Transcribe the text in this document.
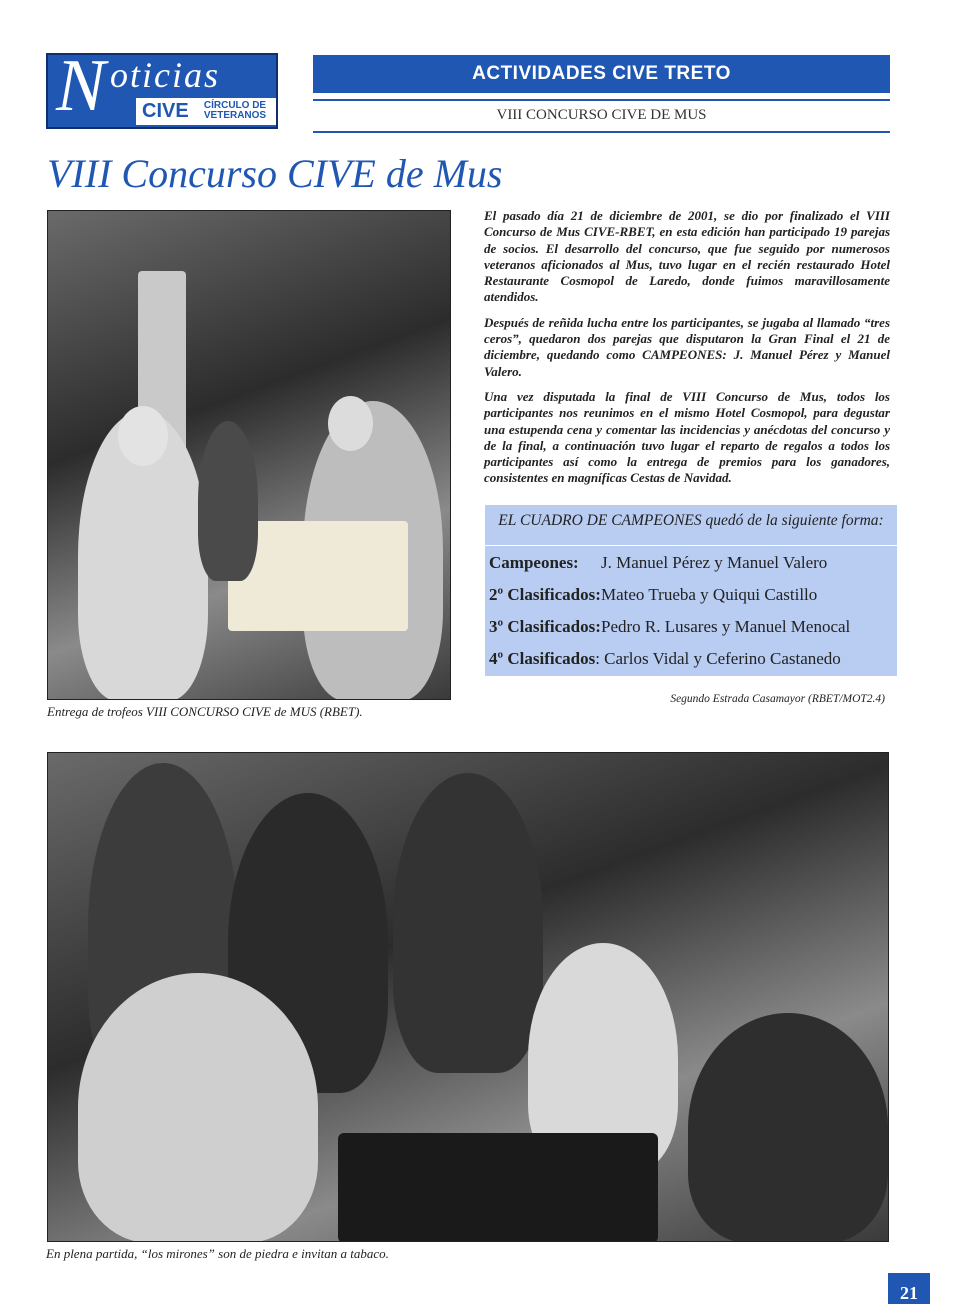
N oticias
CIVE	CÍRCULO DE VETERANOS
ACTIVIDADES CIVE TRETO
VIII CONCURSO CIVE DE MUS
VIII Concurso CIVE de Mus
Entrega de trofeos VIII CONCURSO CIVE de MUS (RBET).

El pasado día 21 de diciembre de 2001, se dio por finalizado el VIII Concurso de Mus CIVE-RBET, en esta edición han participado 19 parejas de socios. El desarrollo del concurso, que fue seguido por numerosos veteranos aficionados al Mus, tuvo lugar en el recién restaurado Hotel Restaurante Cosmopol de Laredo, donde fuimos maravillosamente atendidos.

Después de reñida lucha entre los participantes, se jugaba al llamado “tres ceros”, quedaron dos parejas que disputaron la Gran Final el 21 de diciembre, quedando como CAMPEONES: J. Manuel Pérez y Manuel Valero.

Una vez disputada la final de VIII Concurso de Mus, todos los participantes nos reunimos en el mismo Hotel Cosmopol, para degustar una estupenda cena y comentar las incidencias y anécdotas del concurso y de la final, a continuación tuvo lugar el reparto de regalos a todos los participantes así como la entrega de premios para los ganadores, consistentes en magníficas Cestas de Navidad.

EL CUADRO DE CAMPEONES quedó de la siguiente forma:
Campeones: J. Manuel Pérez y Manuel Valero
2º Clasificados:Mateo Trueba y Quiqui Castillo
3º Clasificados:Pedro R. Lusares y Manuel Menocal
4º Clasificados: Carlos Vidal y Ceferino Castanedo
Segundo Estrada Casamayor (RBET/MOT2.4)
En plena partida, “los mirones” son de piedra e invitan a tabaco.
21
